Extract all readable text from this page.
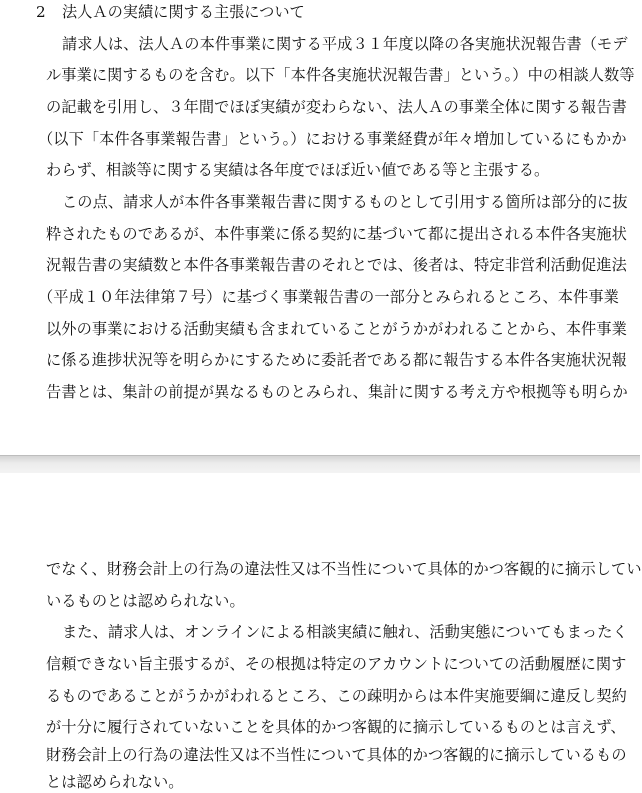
2 法人Ａの実績に関する主張について
請求人は、法人Ａの本件事業に関する平成３１年度以降の各実施状況報告書（モデ
ル事業に関するものを含む。以下「本件各実施状況報告書」という。）中の相談人数等
の記載を引用し、３年間でほぼ実績が変わらない、法人Ａの事業全体に関する報告書
（以下「本件各事業報告書」という。）における事業経費が年々増加しているにもかか
わらず、相談等に関する実績は各年度でほぼ近い値である等と主張する。
この点、請求人が本件各事業報告書に関するものとして引用する箇所は部分的に抜
粋されたものであるが、本件事業に係る契約に基づいて都に提出される本件各実施状
況報告書の実績数と本件各事業報告書のそれとでは、後者は、特定非営利活動促進法
（平成１０年法律第７号）に基づく事業報告書の一部分とみられるところ、本件事業
以外の事業における活動実績も含まれていることがうかがわれることから、本件事業
に係る進捗状況等を明らかにするために委託者である都に報告する本件各実施状況報
告書とは、集計の前提が異なるものとみられ、集計に関する考え方や根拠等も明らか
でなく、財務会計上の行為の違法性又は不当性について具体的かつ客観的に摘示してい
いるものとは認められない。
また、請求人は、オンラインによる相談実績に触れ、活動実態についてもまったく
信頼できない旨主張するが、その根拠は特定のアカウントについての活動履歴に関す
るものであることがうかがわれるところ、この疎明からは本件実施要綱に違反し契約
が十分に履行されていないことを具体的かつ客観的に摘示しているものとは言えず、
財務会計上の行為の違法性又は不当性について具体的かつ客観的に摘示しているもの
とは認められない。
